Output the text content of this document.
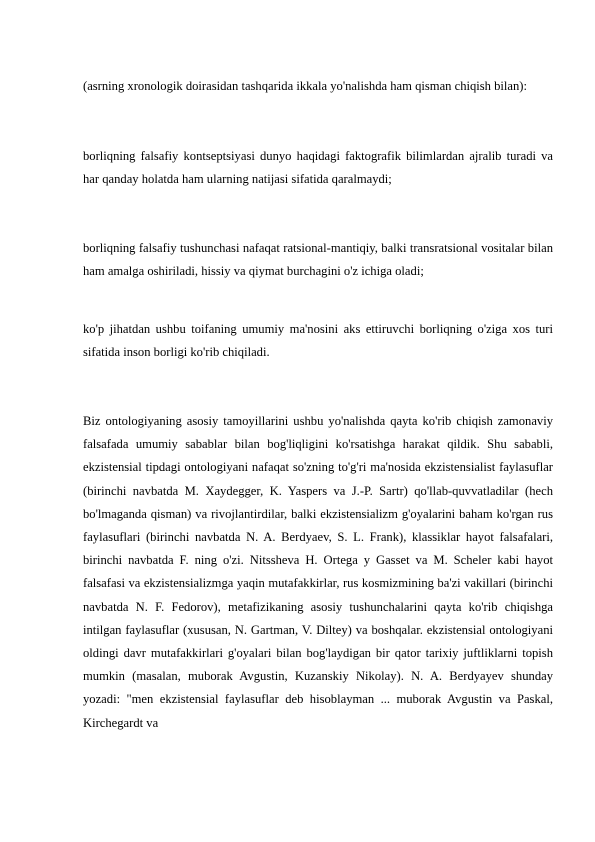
(asrning xronologik doirasidan tashqarida ikkala yo'nalishda ham qisman chiqish bilan):

borliqning falsafiy kontseptsiyasi dunyo haqidagi faktografik bilimlardan ajralib turadi va har qanday holatda ham ularning natijasi sifatida qaralmaydi;

borliqning falsafiy tushunchasi nafaqat ratsional-mantiqiy, balki transratsional vositalar bilan ham amalga oshiriladi, hissiy va qiymat burchagini o'z ichiga oladi;

ko'p jihatdan ushbu toifaning umumiy ma'nosini aks ettiruvchi borliqning o'ziga xos turi sifatida inson borligi ko'rib chiqiladi.

Biz ontologiyaning asosiy tamoyillarini ushbu yo'nalishda qayta ko'rib chiqish zamonaviy falsafada umumiy sabablar bilan bog'liqligini ko'rsatishga harakat qildik. Shu sababli, ekzistensial tipdagi ontologiyani nafaqat so'zning to'g'ri ma'nosida ekzistensialist faylasuflar (birinchi navbatda M. Xaydegger, K. Yaspers va J.-P. Sartr) qo'llab-quvvatladilar (hech bo'lmaganda qisman) va rivojlantirdilar, balki ekzistensializm g'oyalarini baham ko'rgan rus faylasuflari (birinchi navbatda N. A. Berdyaev, S. L. Frank), klassiklar hayot falsafalari, birinchi navbatda F. ning o'zi. Nitssheva H. Ortega y Gasset va M. Scheler kabi hayot falsafasi va ekzistensializmga yaqin mutafakkirlar, rus kosmizmining ba'zi vakillari (birinchi navbatda N. F. Fedorov), metafizikaning asosiy tushunchalarini qayta ko'rib chiqishga intilgan faylasuflar (xususan, N. Gartman, V. Diltey) va boshqalar. ekzistensial ontologiyani oldingi davr mutafakkirlari g'oyalari bilan bog'laydigan bir qator tarixiy juftliklarni topish mumkin (masalan, muborak Avgustin, Kuzanskiy Nikolay). N. A. Berdyayev shunday yozadi: "men ekzistensial faylasuflar deb hisoblayman ... muborak Avgustin va Paskal, Kirchegardt va
